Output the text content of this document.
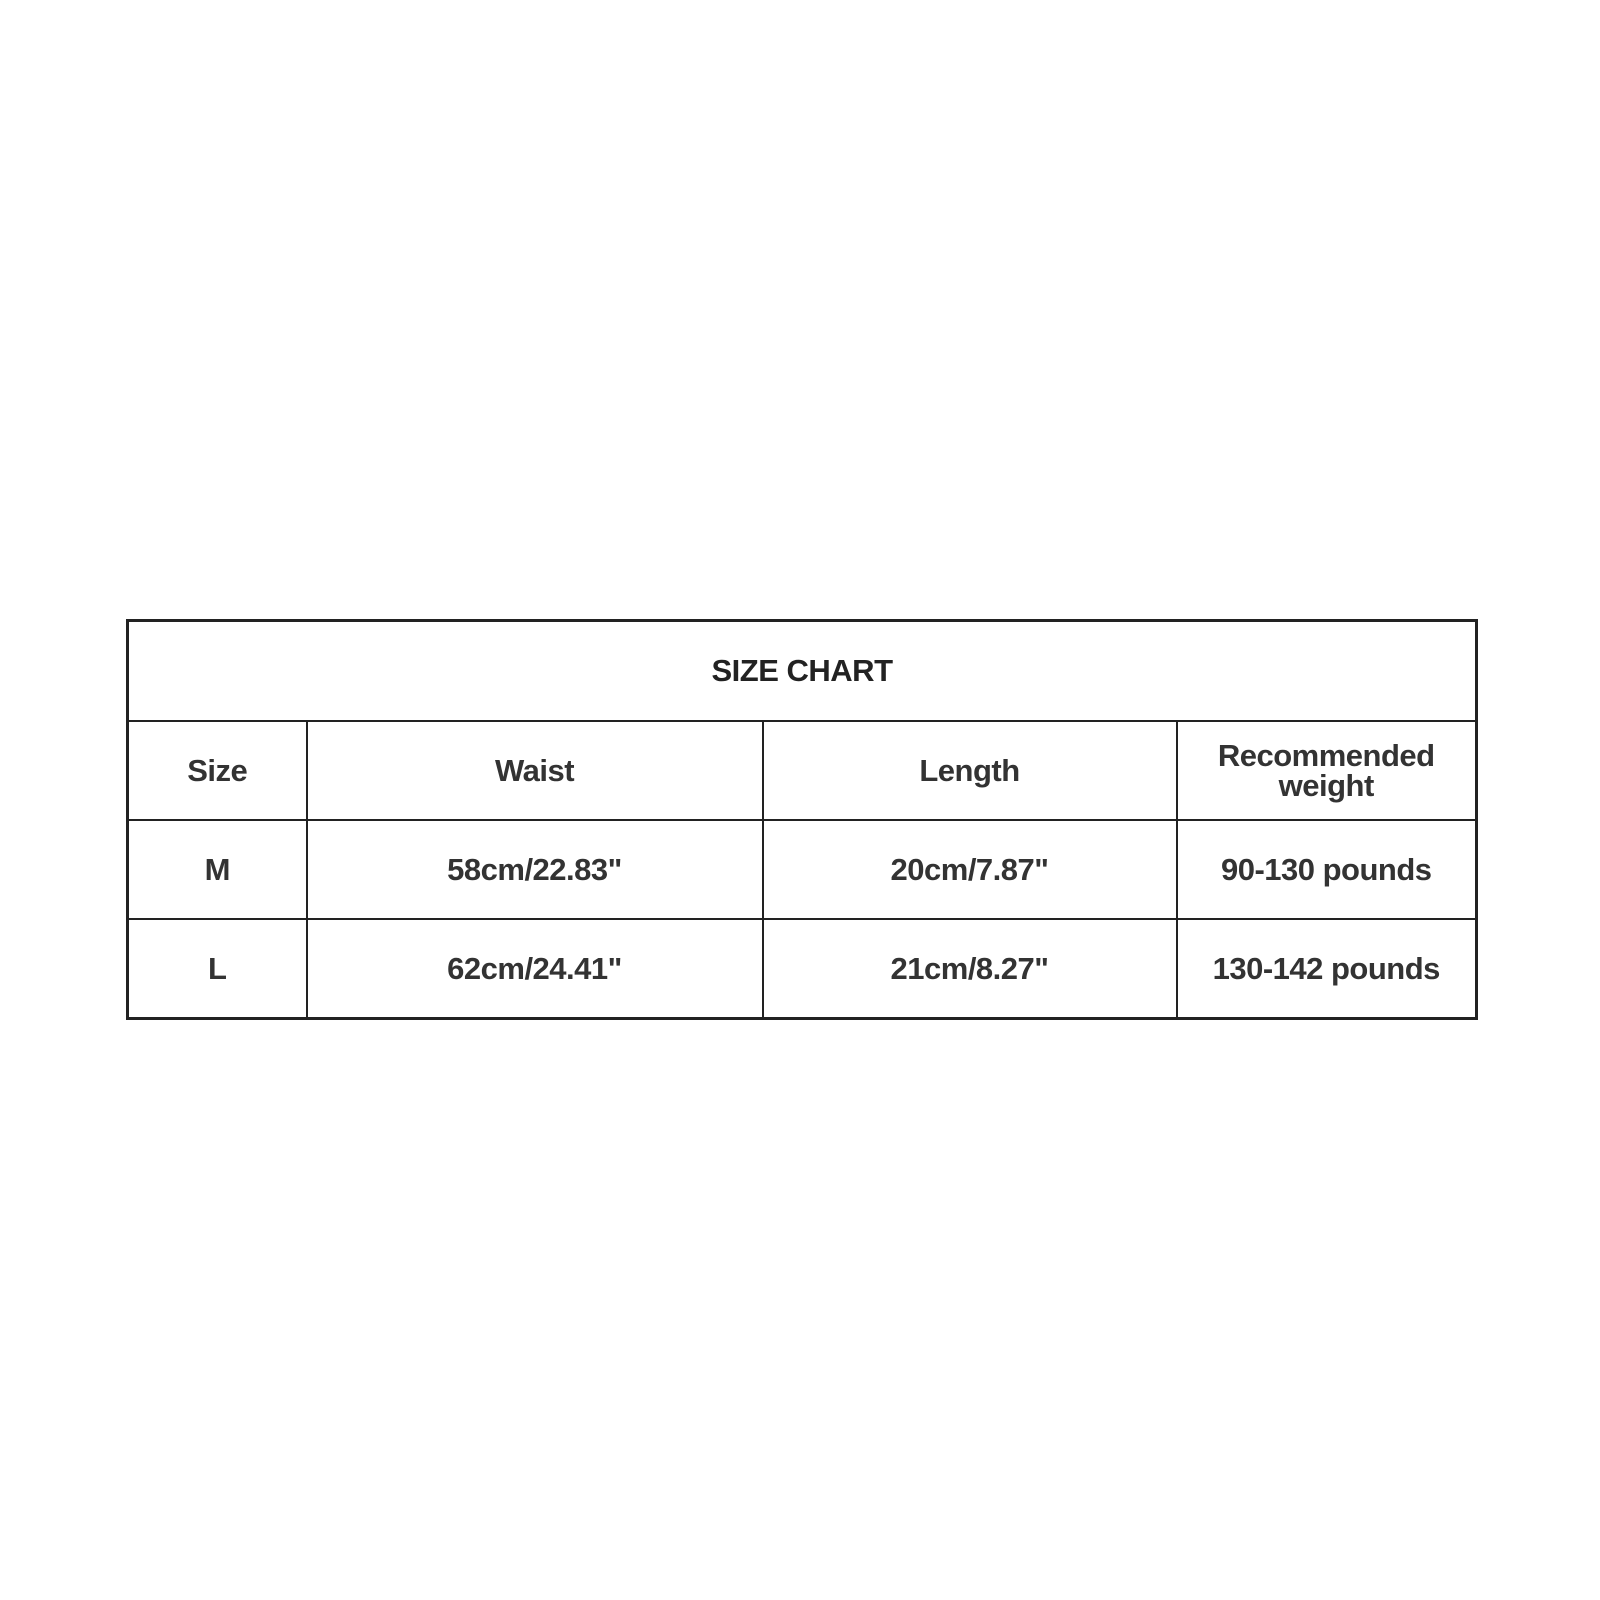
SIZE CHART			
Size	Waist	Length	Recommended weight
M	58cm/22.83"	20cm/7.87"	90-130 pounds
L	62cm/24.41"	21cm/8.27"	130-142 pounds
